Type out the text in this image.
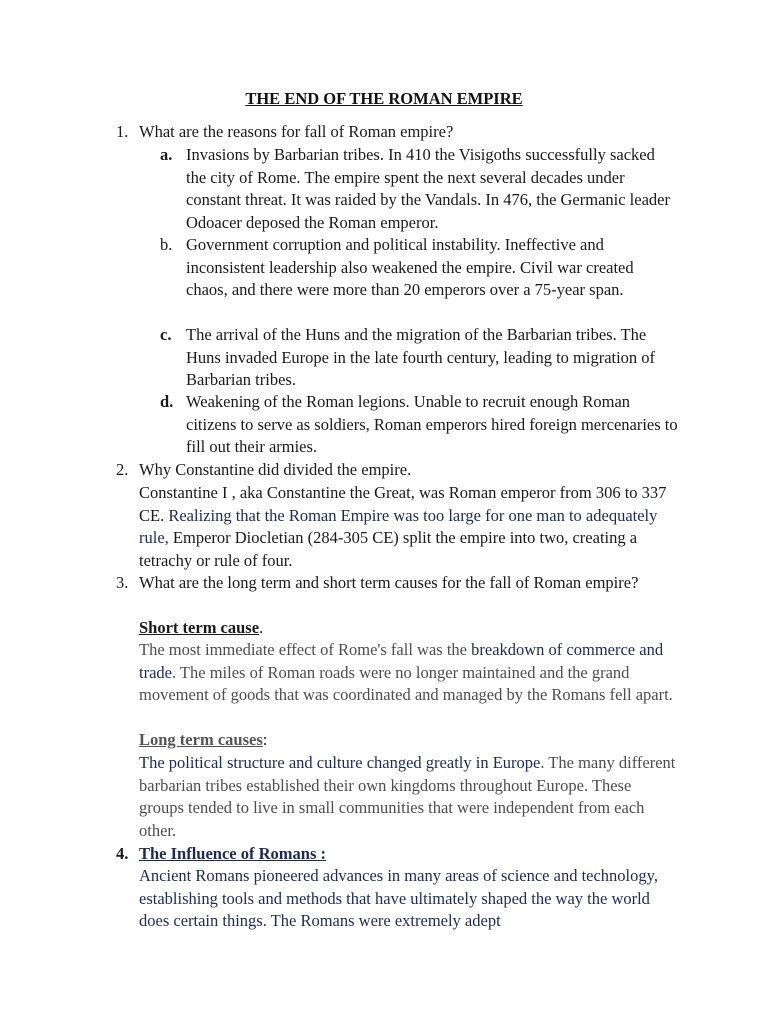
THE END OF THE ROMAN EMPIRE
1. What are the reasons for fall of Roman empire?

a. Invasions by Barbarian tribes. In 410 the Visigoths successfully sacked the city of Rome. The empire spent the next several decades under constant threat. It was raided by the Vandals. In 476, the Germanic leader Odoacer deposed the Roman emperor.

b. Government corruption and political instability. Ineffective and inconsistent leadership also weakened the empire. Civil war created chaos, and there were more than 20 emperors over a 75-year span.

c. The arrival of the Huns and the migration of the Barbarian tribes. The Huns invaded Europe in the late fourth century, leading to migration of Barbarian tribes.

d. Weakening of the Roman legions. Unable to recruit enough Roman citizens to serve as soldiers, Roman emperors hired foreign mercenaries to fill out their armies.

2. Why Constantine did divided the empire.

Constantine I , aka Constantine the Great, was Roman emperor from 306 to 337 CE. Realizing that the Roman Empire was too large for one man to adequately rule, Emperor Diocletian (284-305 CE) split the empire into two, creating a tetrachy or rule of four.

3. What are the long term and short term causes for the fall of Roman empire?

Short term cause.

The most immediate effect of Rome's fall was the breakdown of commerce and trade. The miles of Roman roads were no longer maintained and the grand movement of goods that was coordinated and managed by the Romans fell apart.

Long term causes:

The political structure and culture changed greatly in Europe. The many different barbarian tribes established their own kingdoms throughout Europe. These groups tended to live in small communities that were independent from each other.

4. The Influence of Romans :

Ancient Romans pioneered advances in many areas of science and technology, establishing tools and methods that have ultimately shaped the way the world does certain things. The Romans were extremely adept
